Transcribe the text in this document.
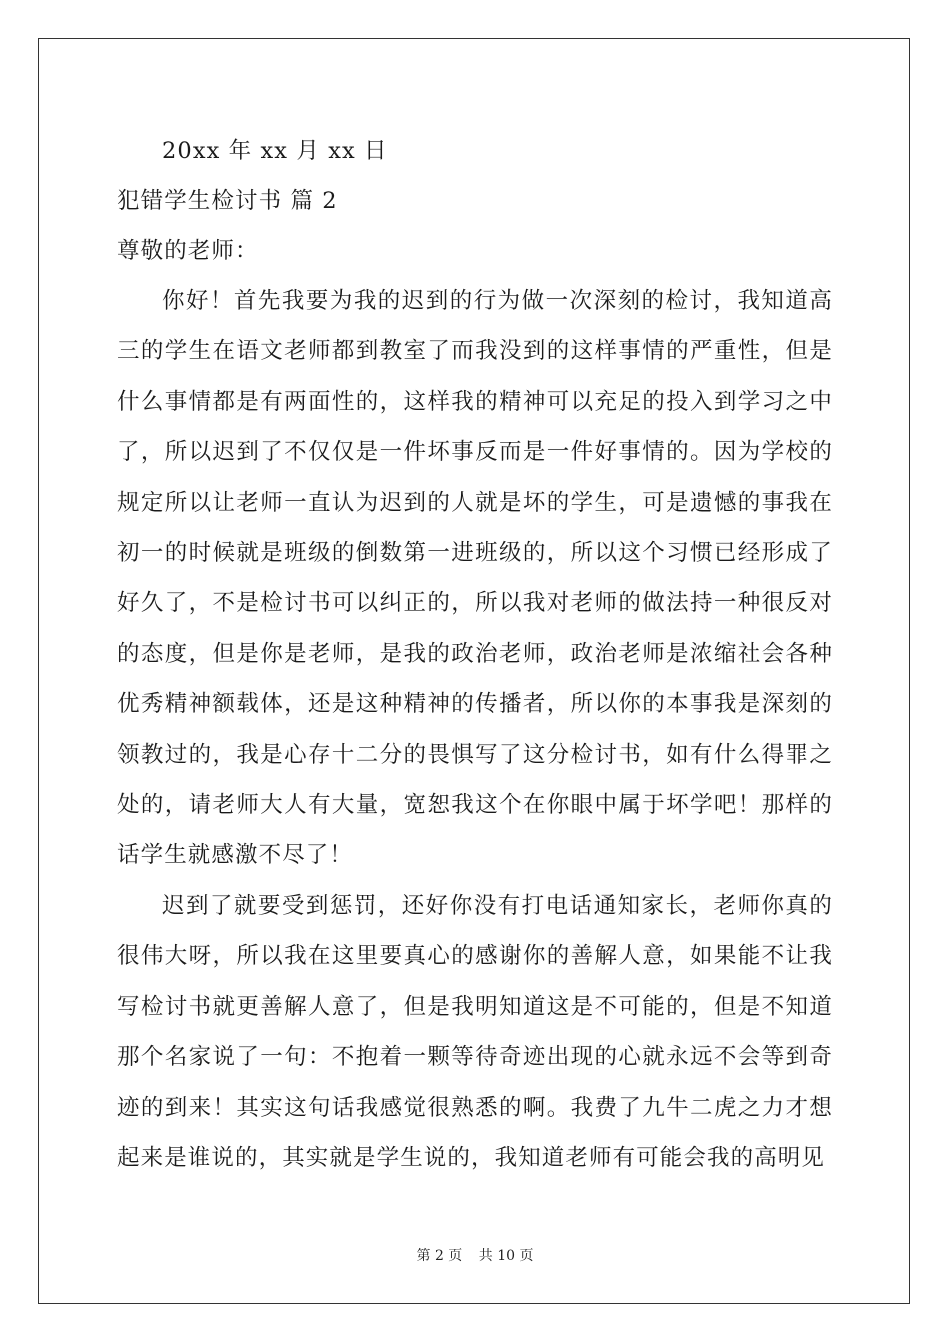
20xx 年 xx 月 xx 日
犯错学生检讨书 篇 2
尊敬的老师：

你好！首先我要为我的迟到的行为做一次深刻的检讨，我知道高三的学生在语文老师都到教室了而我没到的这样事情的严重性，但是什么事情都是有两面性的，这样我的精神可以充足的投入到学习之中了，所以迟到了不仅仅是一件坏事反而是一件好事情的。因为学校的规定所以让老师一直认为迟到的人就是坏的学生，可是遗憾的事我在初一的时候就是班级的倒数第一进班级的，所以这个习惯已经形成了好久了，不是检讨书可以纠正的，所以我对老师的做法持一种很反对的态度，但是你是老师，是我的政治老师，政治老师是浓缩社会各种优秀精神额载体，还是这种精神的传播者，所以你的本事我是深刻的领教过的，我是心存十二分的畏惧写了这分检讨书，如有什么得罪之处的，请老师大人有大量，宽恕我这个在你眼中属于坏学吧！那样的话学生就感激不尽了！

迟到了就要受到惩罚，还好你没有打电话通知家长，老师你真的很伟大呀，所以我在这里要真心的感谢你的善解人意，如果能不让我写检讨书就更善解人意了，但是我明知道这是不可能的，但是不知道那个名家说了一句：不抱着一颗等待奇迹出现的心就永远不会等到奇迹的到来！其实这句话我感觉很熟悉的啊。我费了九牛二虎之力才想起来是谁说的，其实就是学生说的，我知道老师有可能会我的高明见

第 2 页 共 10 页
